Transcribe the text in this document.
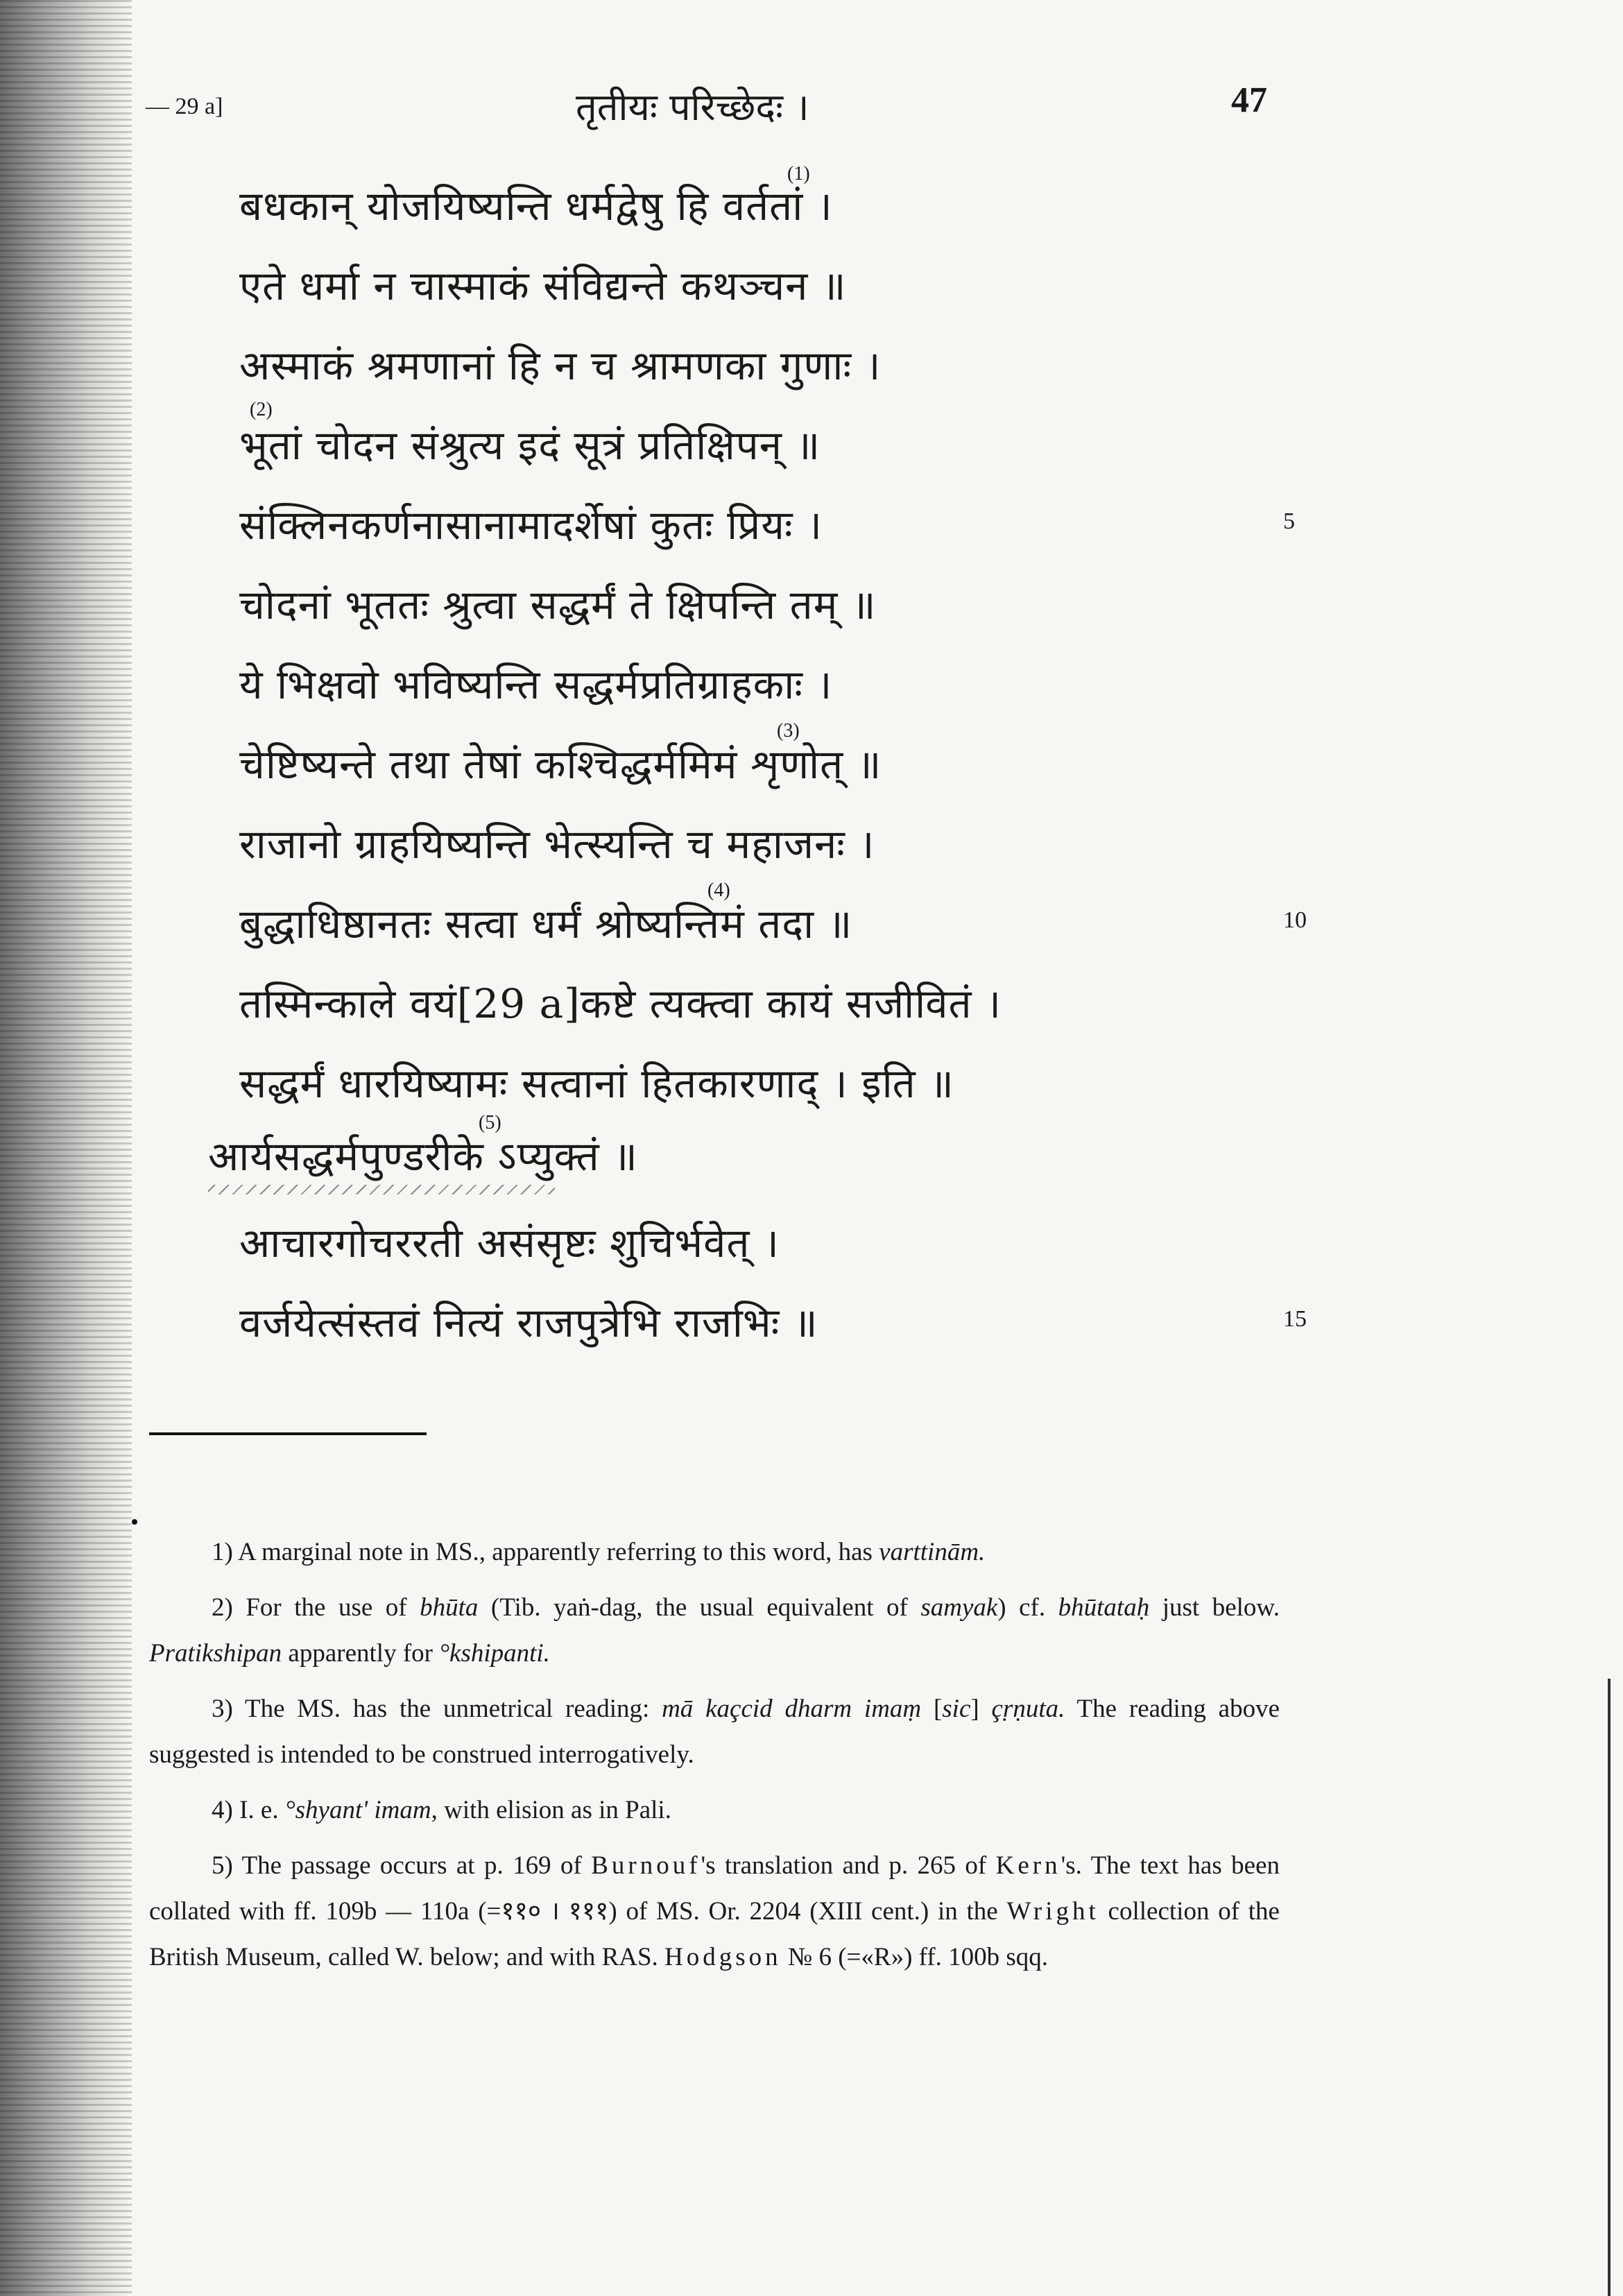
— 29 a]	तृतीयः परिच्छेदः ।	47
बधकान् योजयिष्यन्ति धर्मद्वेषु हि वर्ततां ।
(1)
एते धर्मा न चास्माकं संविद्यन्ते कथञ्चन ॥
अस्माकं श्रमणानां हि न च श्रामणका गुणाः ।
भूतां चोदन संश्रुत्य इदं सूत्रं प्रतिक्षिपन् ॥
(2)
संक्लिनकर्णनासानामादर्शेषां कुतः प्रियः ।	5
चोदनां भूततः श्रुत्वा सद्धर्मं ते क्षिपन्ति तम् ॥
ये भिक्षवो भविष्यन्ति सद्धर्मप्रतिग्राहकाः ।
चेष्टिष्यन्ते तथा तेषां कश्चिद्धर्ममिमं शृणोत् ॥
(3)
राजानो ग्राहयिष्यन्ति भेत्स्यन्ति च महाजनः ।
बुद्धाधिष्ठानतः सत्वा धर्मं श्रोष्यन्तिमं तदा ॥
(4)
10
तस्मिन्काले वयं[29 a]कष्टे त्यक्त्वा कायं सजीवितं ।
सद्धर्मं धारयिष्यामः सत्वानां हितकारणाद् । इति ॥
आर्यसद्धर्मपुण्डरीके ऽप्युक्तं ॥
(5)
आचारगोचररती असंसृष्टः शुचिर्भवेत् ।
वर्जयेत्संस्तवं नित्यं राजपुत्रेभि राजभिः ॥	15

1) A marginal note in MS., apparently referring to this word, has varttinām.

2) For the use of bhūta (Tib. yaṅ-dag, the usual equivalent of samyak) cf. bhūtataḥ just below. Pratikshipan apparently for °kshipanti.

3) The MS. has the unmetrical reading: mā kaçcid dharm imaṃ [sic] çṛṇuta. The reading above suggested is intended to be construed interrogatively.

4) I. e. °shyant' imam, with elision as in Pali.

5) The passage occurs at p. 169 of Burnouf's translation and p. 265 of Kern's. The text has been collated with ff. 109b — 110a (=११० । १११) of MS. Or. 2204 (XIII cent.) in the Wright collection of the British Museum, called W. below; and with RAS. Hodgson № 6 (=«R») ff. 100b sqq.
